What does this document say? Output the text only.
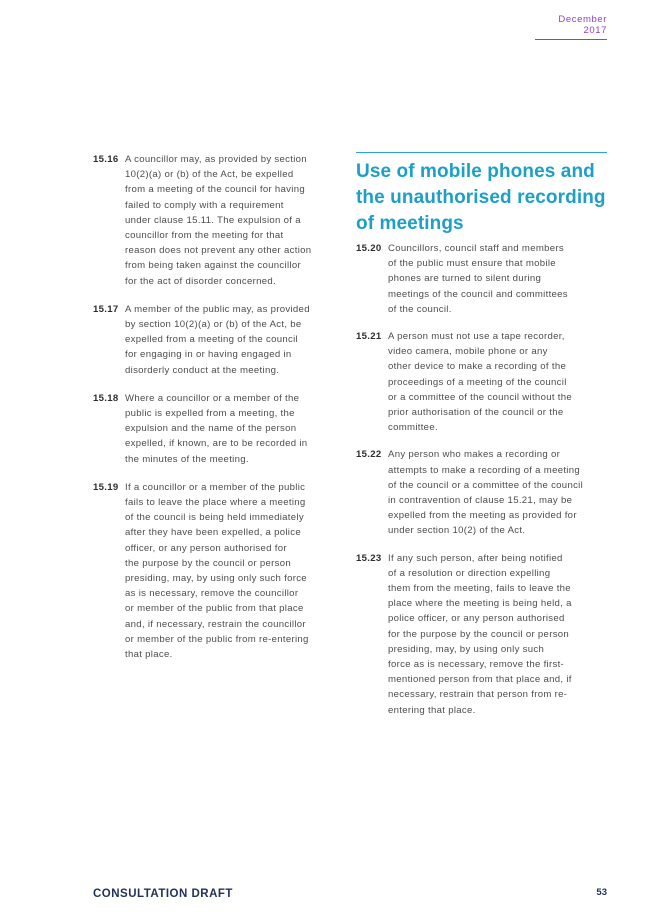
December 2017
15.16 A councillor may, as provided by section
10(2)(a) or (b) of the Act, be expelled
from a meeting of the council for having
failed to comply with a requirement
under clause 15.11. The expulsion of a
councillor from the meeting for that
reason does not prevent any other action
from being taken against the councillor
for the act of disorder concerned.
15.17 A member of the public may, as provided
by section 10(2)(a) or (b) of the Act, be
expelled from a meeting of the council
for engaging in or having engaged in
disorderly conduct at the meeting.
15.18 Where a councillor or a member of the
public is expelled from a meeting, the
expulsion and the name of the person
expelled, if known, are to be recorded in
the minutes of the meeting.
15.19 If a councillor or a member of the public
fails to leave the place where a meeting
of the council is being held immediately
after they have been expelled, a police
officer, or any person authorised for
the purpose by the council or person
presiding, may, by using only such force
as is necessary, remove the councillor
or member of the public from that place
and, if necessary, restrain the councillor
or member of the public from re-entering
that place.
Use of mobile phones and the unauthorised recording of meetings
15.20 Councillors, council staff and members
of the public must ensure that mobile
phones are turned to silent during
meetings of the council and committees
of the council.
15.21 A person must not use a tape recorder,
video camera, mobile phone or any
other device to make a recording of the
proceedings of a meeting of the council
or a committee of the council without the
prior authorisation of the council or the
committee.
15.22 Any person who makes a recording or
attempts to make a recording of a meeting
of the council or a committee of the council
in contravention of clause 15.21, may be
expelled from the meeting as provided for
under section 10(2) of the Act.
15.23 If any such person, after being notified
of a resolution or direction expelling
them from the meeting, fails to leave the
place where the meeting is being held, a
police officer, or any person authorised
for the purpose by the council or person
presiding, may, by using only such
force as is necessary, remove the first-
mentioned person from that place and, if
necessary, restrain that person from re-
entering that place.
CONSULTATION DRAFT	53
